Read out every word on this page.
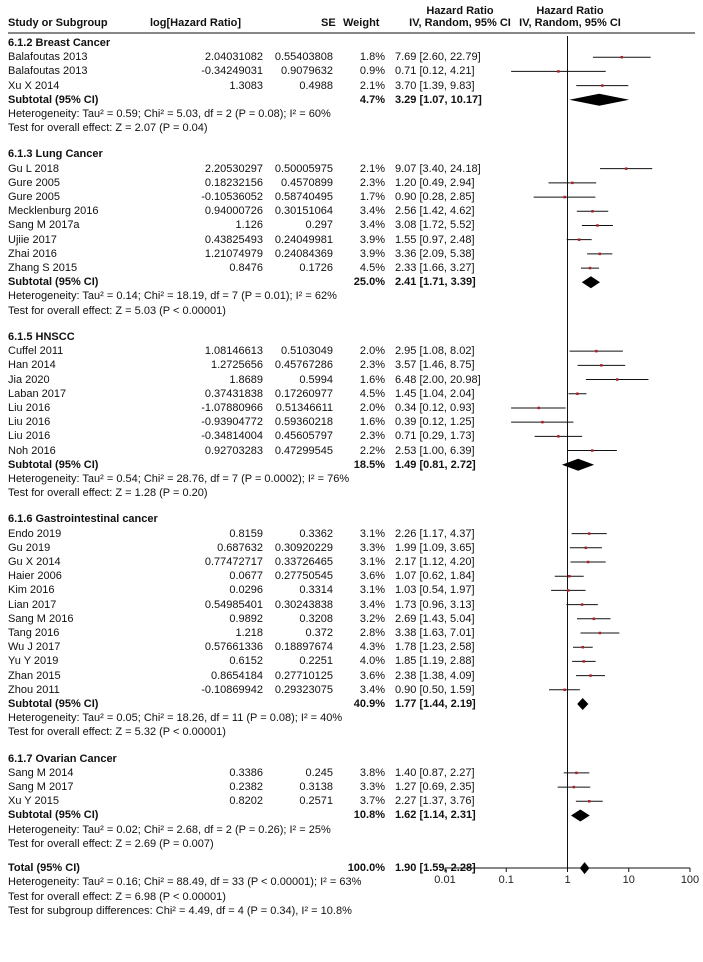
Study or Subgroup	log[Hazard Ratio]	SE Weight
Hazard Ratio
IV, Random, 95% CI
Hazard Ratio
IV, Random, 95% CI
6.1.2 Breast Cancer
Balafoutas 2013	2.04031082 0.55403808 1.8% 7.69 [2.60, 22.79]
Balafoutas 2013	-0.34249031 0.9079632 0.9% 0.71 [0.12, 4.21]
Xu X 2014	1.3083	0.4988 2.1% 3.70 [1.39, 9.83]
Subtotal (95% CI)	4.7% 3.29 [1.07, 10.17]
Heterogeneity: Tau² = 0.59; Chi² = 5.03, df = 2 (P = 0.08); I² = 60%
Test for overall effect: Z = 2.07 (P = 0.04)
6.1.3 Lung Cancer
Gu L 2018	2.20530297 0.50005975 2.1% 9.07 [3.40, 24.18]
Gure 2005	0.18232156 0.4570899 2.3% 1.20 [0.49, 2.94]
Gure 2005	-0.10536052 0.58740495 1.7% 0.90 [0.28, 2.85]
Mecklenburg 2016	0.94000726 0.30151064 3.4% 2.56 [1.42, 4.62]
Sang M 2017a	1.126	0.297 3.4% 3.08 [1.72, 5.52]
Ujiie 2017	0.43825493 0.24049981 3.9% 1.55 [0.97, 2.48]
Zhai 2016	1.21074979 0.24084369 3.9% 3.36 [2.09, 5.38]
Zhang S 2015	0.8476	0.1726 4.5% 2.33 [1.66, 3.27]
Subtotal (95% CI)	25.0% 2.41 [1.71, 3.39]
Heterogeneity: Tau² = 0.14; Chi² = 18.19, df = 7 (P = 0.01); I² = 62%
Test for overall effect: Z = 5.03 (P < 0.00001)
6.1.5 HNSCC
Cuffel 2011	1.08146613 0.5103049 2.0% 2.95 [1.08, 8.02]
Han 2014	1.2725656 0.45767286 2.3% 3.57 [1.46, 8.75]
Jia 2020	1.8689	0.5994 1.6% 6.48 [2.00, 20.98]
Laban 2017	0.37431838 0.17260977 4.5% 1.45 [1.04, 2.04]
Liu 2016	-1.07880966 0.51346611 2.0% 0.34 [0.12, 0.93]
Liu 2016	-0.93904772 0.59360218 1.6% 0.39 [0.12, 1.25]
Liu 2016	-0.34814004 0.45605797 2.3% 0.71 [0.29, 1.73]
Noh 2016	0.92703283 0.47299545 2.2% 2.53 [1.00, 6.39]
Subtotal (95% CI)	18.5% 1.49 [0.81, 2.72]
Heterogeneity: Tau² = 0.54; Chi² = 28.76, df = 7 (P = 0.0002); I² = 76%
Test for overall effect: Z = 1.28 (P = 0.20)
6.1.6 Gastrointestinal cancer
Endo 2019	0.8159	0.3362 3.1% 2.26 [1.17, 4.37]
Gu 2019	0.687632 0.30920229 3.3% 1.99 [1.09, 3.65]
Gu X 2014	0.77472717 0.33726465 3.1% 2.17 [1.12, 4.20]
Haier 2006	0.0677 0.27750545 3.6% 1.07 [0.62, 1.84]
Kim 2016	0.0296	0.3314 3.1% 1.03 [0.54, 1.97]
Lian 2017	0.54985401 0.30243838 3.4% 1.73 [0.96, 3.13]
Sang M 2016	0.9892	0.3208 3.2% 2.69 [1.43, 5.04]
Tang 2016	1.218	0.372 2.8% 3.38 [1.63, 7.01]
Wu J 2017	0.57661336 0.18897674 4.3% 1.78 [1.23, 2.58]
Yu Y 2019	0.6152	0.2251 4.0% 1.85 [1.19, 2.88]
Zhan 2015	0.8654184 0.27710125 3.6% 2.38 [1.38, 4.09]
Zhou 2011	-0.10869942 0.29323075 3.4% 0.90 [0.50, 1.59]
Subtotal (95% CI)	40.9% 1.77 [1.44, 2.19]
Heterogeneity: Tau² = 0.05; Chi² = 18.26, df = 11 (P = 0.08); I² = 40%
Test for overall effect: Z = 5.32 (P < 0.00001)
6.1.7 Ovarian Cancer
Sang M 2014	0.3386	0.245 3.8% 1.40 [0.87, 2.27]
Sang M 2017	0.2382	0.3138 3.3% 1.27 [0.69, 2.35]
Xu Y 2015	0.8202	0.2571 3.7% 2.27 [1.37, 3.76]
Subtotal (95% CI)	10.8% 1.62 [1.14, 2.31]
Heterogeneity: Tau² = 0.02; Chi² = 2.68, df = 2 (P = 0.26); I² = 25%
Test for overall effect: Z = 2.69 (P = 0.007)
Total (95% CI)	100.0% 1.90 [1.59, 2.28]
Heterogeneity: Tau² = 0.16; Chi² = 88.49, df = 33 (P < 0.00001); I² = 63%
Test for overall effect: Z = 6.98 (P < 0.00001)
Test for subgroup differences: Chi² = 4.49, df = 4 (P = 0.34), I² = 10.8%
0.01	0.1	1	10	100
